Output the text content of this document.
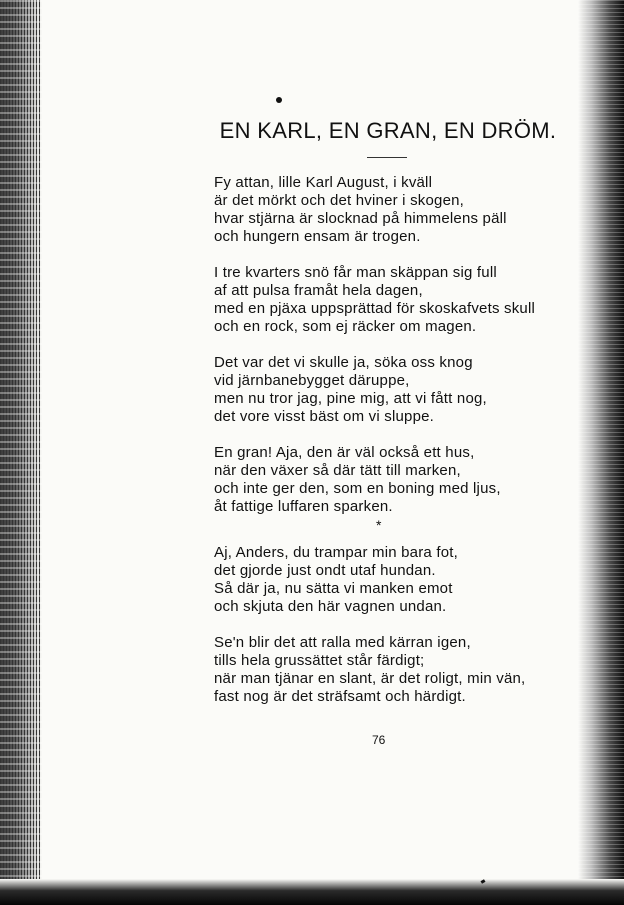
EN KARL, EN GRAN, EN DRÖM.
Fy attan, lille Karl August, i kväll
är det mörkt och det hviner i skogen,
hvar stjärna är slocknad på himmelens päll
och hungern ensam är trogen.
I tre kvarters snö får man skäppan sig full
af att pulsa framåt hela dagen,
med en pjäxa uppsprättad för skoskafvets skull
och en rock, som ej räcker om magen.
Det var det vi skulle ja, söka oss knog
vid järnbanebygget däruppe,
men nu tror jag, pine mig, att vi fått nog,
det vore visst bäst om vi sluppe.
En gran! Aja, den är väl också ett hus,
när den växer så där tätt till marken,
och inte ger den, som en boning med ljus,
åt fattige luffaren sparken.
*
Aj, Anders, du trampar min bara fot,
det gjorde just ondt utaf hundan.
Så där ja, nu sätta vi manken emot
och skjuta den här vagnen undan.
Se'n blir det att ralla med kärran igen,
tills hela grussättet står färdigt;
när man tjänar en slant, är det roligt, min vän,
fast nog är det sträfsamt och härdigt.
76
